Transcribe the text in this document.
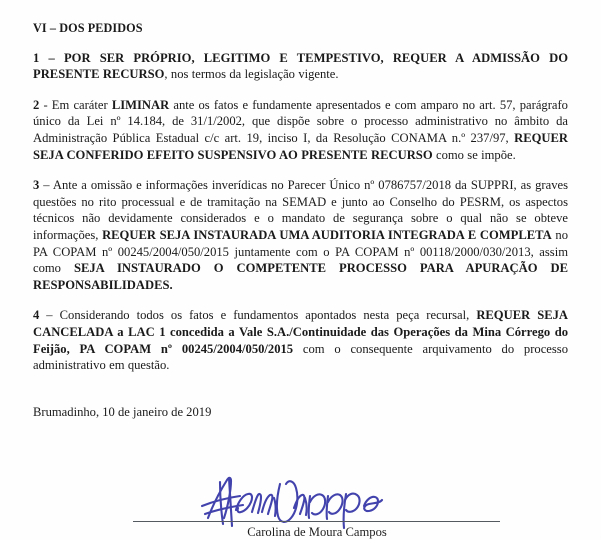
VI – DOS PEDIDOS

1 – POR SER PRÓPRIO, LEGITIMO E TEMPESTIVO, REQUER A ADMISSÃO DO PRESENTE RECURSO, nos termos da legislação vigente.

2 - Em caráter LIMINAR ante os fatos e fundamente apresentados e com amparo no art. 57, parágrafo único da Lei nº 14.184, de 31/1/2002, que dispõe sobre o processo administrativo no âmbito da Administração Pública Estadual c/c art. 19, inciso I, da Resolução CONAMA n.º 237/97, REQUER SEJA CONFERIDO EFEITO SUSPENSIVO AO PRESENTE RECURSO como se impõe.

3 – Ante a omissão e informações inverídicas no Parecer Único nº 0786757/2018 da SUPPRI, as graves questões no rito processual e de tramitação na SEMAD e junto ao Conselho do PESRM, os aspectos técnicos não devidamente considerados e o mandato de segurança sobre o qual não se obteve informações, REQUER SEJA INSTAURADA UMA AUDITORIA INTEGRADA E COMPLETA no PA COPAM nº 00245/2004/050/2015 juntamente com o PA COPAM nº 00118/2000/030/2013, assim como SEJA INSTAURADO O COMPETENTE PROCESSO PARA APURAÇÃO DE RESPONSABILIDADES.

4 – Considerando todos os fatos e fundamentos apontados nesta peça recursal, REQUER SEJA CANCELADA a LAC 1 concedida a Vale S.A./Continuidade das Operações da Mina Córrego do Feijão, PA COPAM nº 00245/2004/050/2015 com o consequente arquivamento do processo administrativo em questão.

Brumadinho, 10 de janeiro de 2019

Carolina de Moura Campos
